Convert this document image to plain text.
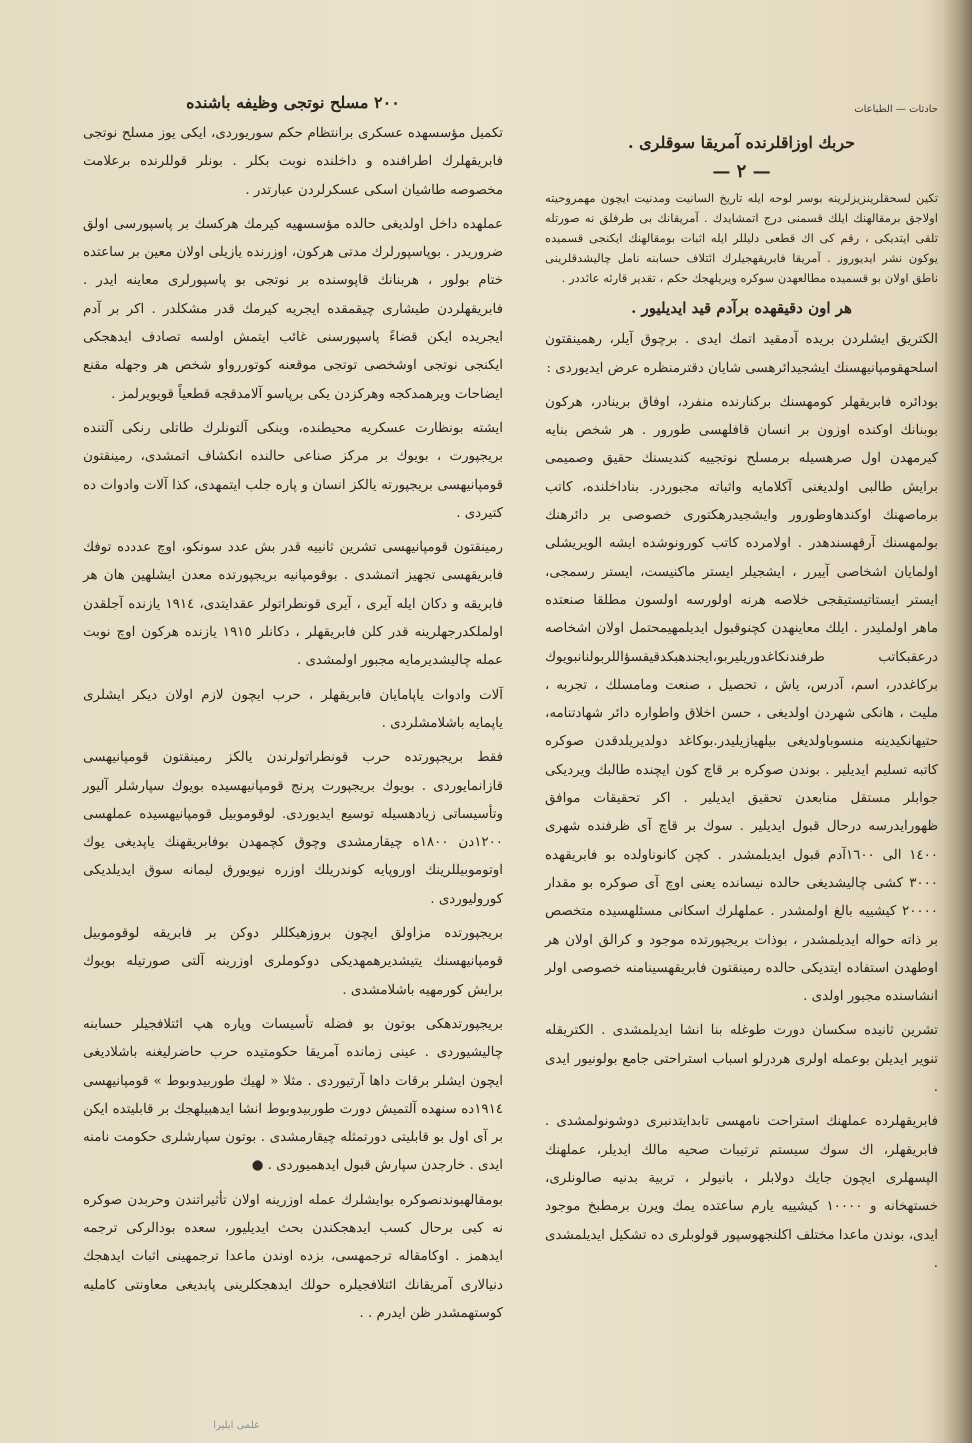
حادثات — الطباعات
حربك اوزاقلرنده آمریقا سوقلری .
— ٢ —

تکین لسحقلرینزیزلرینه بوسر لوحه ایله تاریخ السانیت ومدنیت ایچون مهمروحیته اولاجق برمقالهنك ایلك قسمنی درج اتمشایدك . آمریقانك بی طرفلق نه صورتله تلقی ایتدیکی ، رقم کی اك قطعی دلیللر ایله اثبات بومقالهنك ایکنجی قسمیده یوکون نشر ایدیوروز . آمریقا فابریقهجیلرك ائتلاف حسابنه نامل چالیشدقلرینی ناطق اولان بو قسمیده مطالعهدن سوکره ویریلهجك حکم ، تقدیر قارئه عائددر .

هر اون دقیقهده برآدم قید ایدیلیور .

الکتریق ایشلردن بریده آدمقید اتمك ایدی . برچوق آیلر، رهمینقتون اسلحهقومپانیهسنك ایشجیدائرهسی شایان دقترمنظره عرض ایدیوردی :

بودائره فابریقهلر کومهسنك برکنارنده منفرد، اوفاق برینادر، هرکون بوبنانك اوکنده اوزون بر انسان قافلهسی طورور . هر شخص بنایه کیرمهدن اول صرهسیله برمسلح نوتجییه کندیسنك حقیق وصمیمی برایش طالبی اولدیغنی آکلامایه واثباته مجبوردر. بناداخلنده، کاتب برماصهنك اوکندهاوطورور وایشجیدرهکتوری خصوصی بر دائرهنك بولمهسنك آرقهسندهدر . اولامرده کاتب کورونوشده ایشه الویریشلی اولمایان اشخاصی آییرر ، ایشجیلر ایستر ماکنیست، ایستر رسمجی، ایستر ایستاتیستیقجی خلاصه هرنه اولورسه اولسون مطلقا صنعتده ماهر اولملیدر . ایلك معاینهدن کچنوقبول ایدیلمهیمحتمل اولان اشخاصه درعقبکاتب طرفندنکاغدوریلیربو،ایجندهبكدقیقسؤاللربولنانبویوك بركاغددر، اسم، آدرس، یاش ، تحصیل ، صنعت ومامسلك ، تجربه ، ملیت ، هانکی شهردن اولدیغی ، حسن اخلاق واطواره دائر شهادتنامه، حتیهانکیدینه منسوباولدیغی بیلهیازیلیدر.بوکاغد دولدیریلدقدن صوکره کاتبه تسلیم ایدیلیر . بوندن صوکره بر قاچ کون ایچنده طالبك ویردیکی جوابلر مستقل منابعدن تحقیق ایدیلیر . اکر تحقیقات موافق ظهورایدرسه درحال قبول ایدیلیر . سوك بر قاچ آی ظرفنده شهری ١٤٠٠ الی ١٦٠٠آدم قبول ایدیلمشدر . کچن کانوناولده بو فابریقهده ٣٠٠٠ کشی چالیشدیغی حالده نیسانده یعنی اوچ آی صوکره بو مقدار ٢٠٠٠٠ کیشییه بالغ اولمشدر . عملهلرك اسکانی مسئلهسیده متخصص بر ذاته حواله ایدیلمشدر ، بوذات بریجپورتده موجود و کرالق اولان هر اوطهدن استفاده ایتدیکی حالده رمینقتون فابریقهسینامنه خصوصی اولر انشاسنده مجبور اولدی .

تشرین ثانیده سکسان دورت طوغله بنا انشا ایدیلمشدی . الکتریقله تنویر ایدیلن بوعمله اولری هردرلو اسباب استراحتی جامع بولونیور ایدی .

فابریقهلرده عملهنك استراحت نامهسی تابدایتدنبری دوشونولمشدی . فابریقهلر، اك سوك سیستم ترتیبات صحیه مالك ایدیلر، عملهنك الپسهلری ایچون جایك دولابلر ، بانیولر ، تربیة بدنیه صالونلری، خستهخانه و ١٠٠٠٠ کیشییه یارم ساعتده یمك ویرن برمطبخ موجود ایدی، بوندن ماعدا مختلف اکلنجهوسپور قولوبلری ده تشکیل ایدیلمشدی .

٢٠٠ مسلح نوتجی وظیفه باشنده

تکمیل مؤسسهده عسکری برانتظام حکم سوریوردی، ایکی یوز مسلح نوتجی فابریقهلرك اطرافنده و داخلنده نوبت بکلر . بونلر قوللرنده برعلامت مخصوصه طاشیان اسکی عسکرلردن عبارتدر .

عملهده داخل اولدیغی حالده مؤسسهیه کیرمك هرکسك بر پاسپورسی اولق ضروریدر . بوپاسپورلرك مدتی هرکون، اوزرنده یازیلی اولان معین بر ساعتده ختام بولور ، هربنانك قاپوسنده بر نوتجی بو پاسپورلری معاینه ایدر . فابریقهلردن طیشاری چیقمقده ایجریه کیرمك قدر مشکلدر . اکر بر آدم ایجریده ایکن قضاءً پاسپورسنی غائب ایتمش اولسه تصادف ایدهجکی ایکنجی نوتجی اوشخصی توتجی موقعنه کوتوررواو شخص هر وجهله مقنع ایضاحات ویرهمدکجه وهرکزدن یکی برپاسو آلامدقجه قطعیاً قویویرلمز .

ایشته بونظارت عسکریه محیطنده، وینکی آلتونلرك طاتلی رنکی آلتنده بریجپورت ، بویوك بر مرکز صناعی حالنده انکشاف اتمشدی، رمینقتون قومپانیهسی بریجپورته یالکز انسان و پاره جلب ایتمهدی، کذا آلات وادوات ده کتیردی .

رمینقتون قومپانیهسی تشرین ثانییه قدر بش عدد سونکو، اوچ عددده توفك فابریقهسی تجهیز اتمشدی . بوقومپانیه بریجپورتده معدن ایشلهین هان هر فابریقه و دکان ایله آیری ، آیری قونطراتولر عقدایتدی، ١٩١٤ یازنده آجلقدن اولملكدرجهلرینه قدر کلن فابریقهلر ، دکانلر ١٩١٥ یازنده هرکون اوچ نوبت عمله چالیشدیرمایه مجبور اولمشدی .

آلات وادوات یاپامایان فابریقهلر ، حرب ایچون لازم اولان دیکر ایشلری یاپمایه باشلامشلردی .

فقط بریجپورتده حرب قونطراتولرندن یالکز رمینقتون قومپانیهسی قازانمایوردی . بویوك بریجپورت پرنج قومپانیهسیده بویوك سپارشلر آلیور وتأسیساتی زیادهسیله توسیع ایدیوردی. لوقوموبیل قومپانیهسیده عملهسی ١٢٠٠دن ١٨٠٠ه چیقارمشدی وچوق کچمهدن بوفابریقهنك یاپدیغی یوك اوتوموبیللرینك اوروپایه کوندریلك اوزره نیویورق لیمانه سوق ایدیلدیکی کورولیوردی .

بریجپورتده مزاولق ایچون بروزهیکللر دوکن بر فابریقه لوقوموبیل قومپانیهسنك یتیشدیرهمهدیکی دوکوملری اوزرینه آلتی صورتیله بویوك برایش کورمهیه باشلامشدی .

بریجپورتدهکی بوتون بو فضله تأسیسات وپاره هپ ائتلافجیلر حسابنه چالیشیوردی . عینی زمانده آمریقا حکومتیده حرب حاضرلیغنه باشلادیغی ایچون ایشلر برقات داها آرتیوردی . مثلا « لهیك طوربیدوبوط » قومپانیهسی ١٩١٤ده سنهده آلتمیش دورت طوربیدوبوط انشا ایدهبیلهجك بر قابلیتده ایکن بر آی اول بو قابلیتی دورتمثله چیقارمشدی . بوتون سپارشلری حکومت نامنه ایدی . خارجدن سپارش قبول ایدهمیوردی . ●

بومقالهبوندنصوکره بوایشلرك عمله اوزرینه اولان تأثیراتندن وحربدن صوکره نه کبی برحال کسب ایدهجکندن بحث ایدیلیور، سعده بودالرکی ترجمه ایدهمز . اوکامقاله ترجمهسی، بزده اوندن ماعدا ترجمهینی اثبات ایدهجك دنیالاری آمریقانك ائتلافجیلره حولك ایدهجکلرینی پابدیغی معاونتی کاملیه کوستهمشدر ظن ایدرم . .

علمی ایلیرا
